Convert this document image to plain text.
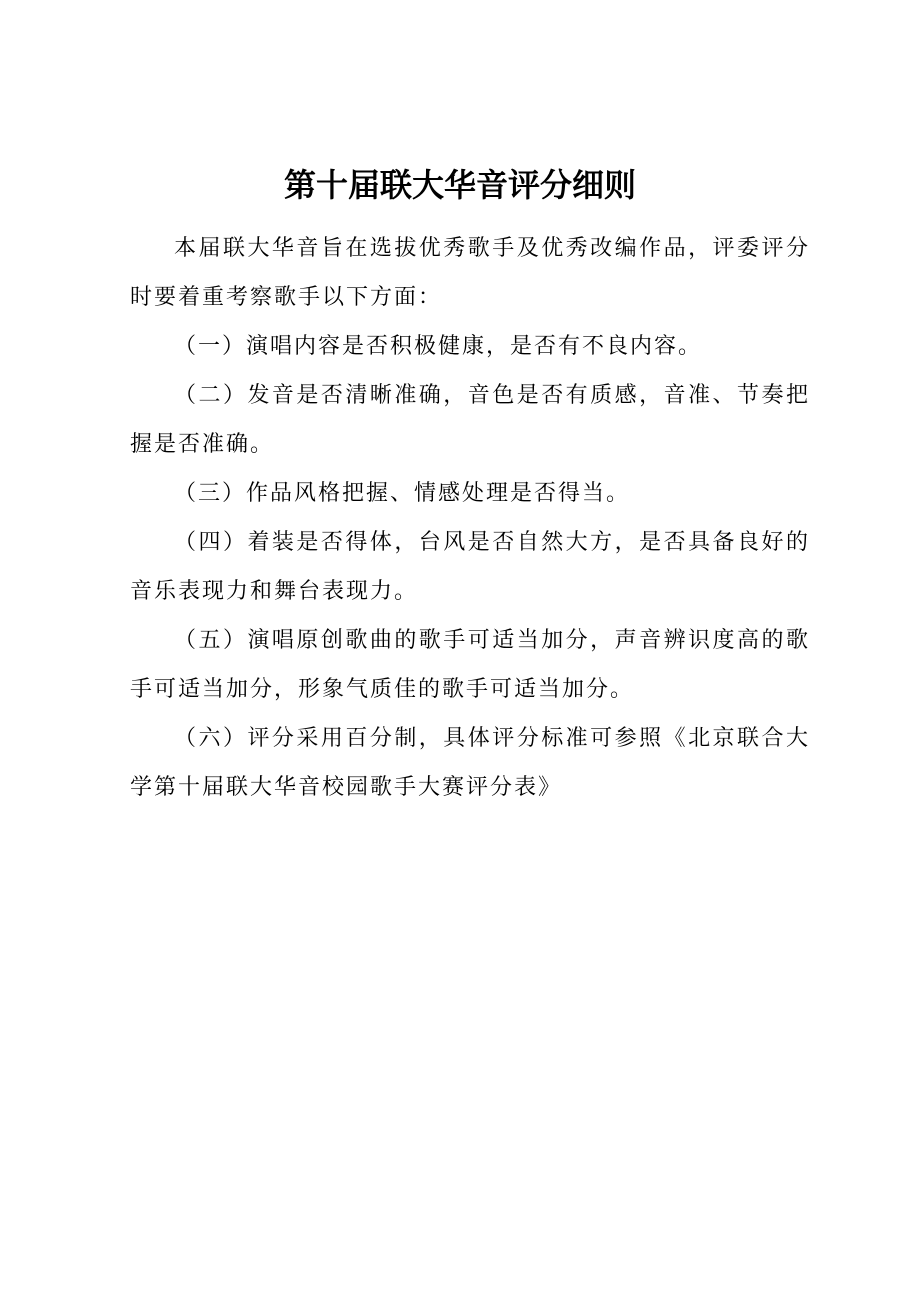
第十届联大华音评分细则

本届联大华音旨在选拔优秀歌手及优秀改编作品，评委评分时要着重考察歌手以下方面：

（一）演唱内容是否积极健康，是否有不良内容。

（二）发音是否清晰准确，音色是否有质感，音准、节奏把握是否准确。

（三）作品风格把握、情感处理是否得当。

（四）着装是否得体，台风是否自然大方，是否具备良好的音乐表现力和舞台表现力。

（五）演唱原创歌曲的歌手可适当加分，声音辨识度高的歌手可适当加分，形象气质佳的歌手可适当加分。

（六）评分采用百分制，具体评分标准可参照《北京联合大学第十届联大华音校园歌手大赛评分表》
